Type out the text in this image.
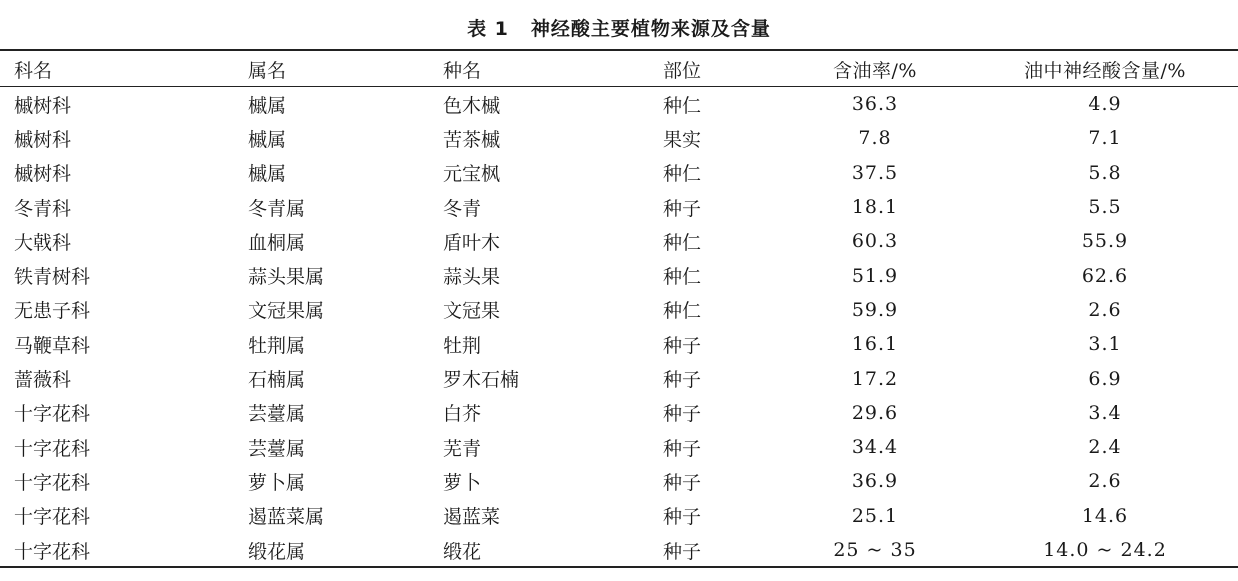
表 1 神经酸主要植物来源及含量
科名	属名	种名	部位	含油率/%	油中神经酸含量/%
槭树科	槭属	色木槭	种仁	36.3	4.9
槭树科	槭属	苦茶槭	果实	7.8	7.1
槭树科	槭属	元宝枫	种仁	37.5	5.8
冬青科	冬青属	冬青	种子	18.1	5.5
大戟科	血桐属	盾叶木	种仁	60.3	55.9
铁青树科	蒜头果属	蒜头果	种仁	51.9	62.6
无患子科	文冠果属	文冠果	种仁	59.9	2.6
马鞭草科	牡荆属	牡荆	种子	16.1	3.1
蔷薇科	石楠属	罗木石楠	种子	17.2	6.9
十字花科	芸薹属	白芥	种子	29.6	3.4
十字花科	芸薹属	芜青	种子	34.4	2.4
十字花科	萝卜属	萝卜	种子	36.9	2.6
十字花科	遏蓝菜属	遏蓝菜	种子	25.1	14.6
十字花科	缎花属	缎花	种子	25 ~ 35	14.0 ~ 24.2
